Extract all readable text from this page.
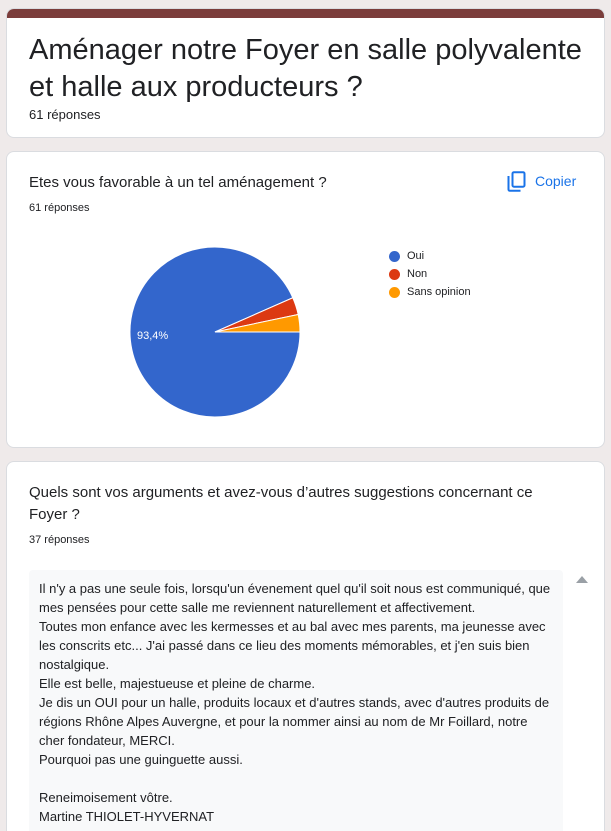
Aménager notre Foyer en salle polyvalente et halle aux producteurs ?
61 réponses
Etes vous favorable à un tel aménagement ?
61 réponses
Copier
93,4%
Oui
Non
Sans opinion
Quels sont vos arguments et avez-vous d’autres suggestions concernant ce Foyer ?
37 réponses

Il n'y a pas une seule fois, lorsqu'un évenement quel qu'il soit nous est communiqué, que mes pensées pour cette salle me reviennent naturellement et affectivement.
Toutes mon enfance avec les kermesses et au bal avec mes parents, ma jeunesse avec les conscrits etc... J'ai passé dans ce lieu des moments mémorables, et j'en suis bien nostalgique.
Elle est belle, majestueuse et pleine de charme.
Je dis un OUI pour un halle, produits locaux et d'autres stands, avec d'autres produits de régions Rhône Alpes Auvergne, et pour la nommer ainsi au nom de Mr Foillard, notre cher fondateur, MERCI.
Pourquoi pas une guinguette aussi.

Reneimoisement vôtre.
Martine THIOLET-HYVERNAT
